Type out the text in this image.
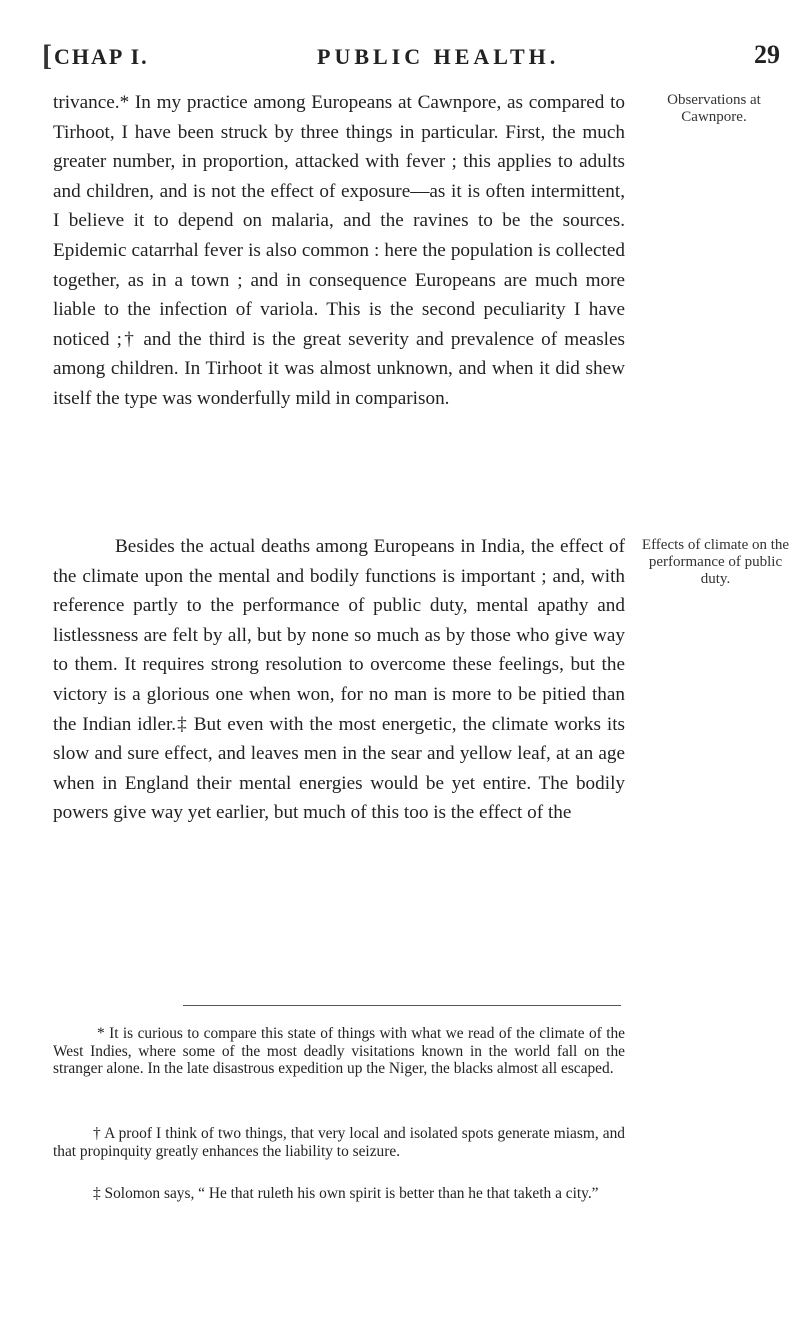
[ CHAP I.	PUBLIC HEALTH.	29

trivance.* In my practice among Europeans at Cawnpore, as compared to Tirhoot, I have been struck by three things in particular. First, the much greater number, in proportion, attacked with fever ; this applies to adults and children, and is not the effect of exposure—as it is often intermittent, I believe it to depend on malaria, and the ravines to be the sources. Epidemic catarrhal fever is also common : here the population is collected together, as in a town ; and in consequence Europeans are much more liable to the infection of variola. This is the second peculiarity I have noticed ;† and the third is the great severity and prevalence of measles among children. In Tirhoot it was almost unknown, and when it did shew itself the type was wonderfully mild in comparison.

Observations at Cawnpore.

Besides the actual deaths among Europeans in India, the effect of the climate upon the mental and bodily functions is important ; and, with reference partly to the performance of public duty, mental apathy and listlessness are felt by all, but by none so much as by those who give way to them. It requires strong resolution to overcome these feelings, but the victory is a glorious one when won, for no man is more to be pitied than the Indian idler.‡ But even with the most energetic, the climate works its slow and sure effect, and leaves men in the sear and yellow leaf, at an age when in England their mental energies would be yet entire. The bodily powers give way yet earlier, but much of this too is the effect of the

Effects of climate on the performance of public duty.

* It is curious to compare this state of things with what we read of the climate of the West Indies, where some of the most deadly visitations known in the world fall on the stranger alone. In the late disastrous expedition up the Niger, the blacks almost all escaped.

† A proof I think of two things, that very local and isolated spots generate miasm, and that propinquity greatly enhances the liability to seizure.

‡ Solomon says, “ He that ruleth his own spirit is better than he that taketh a city.”
